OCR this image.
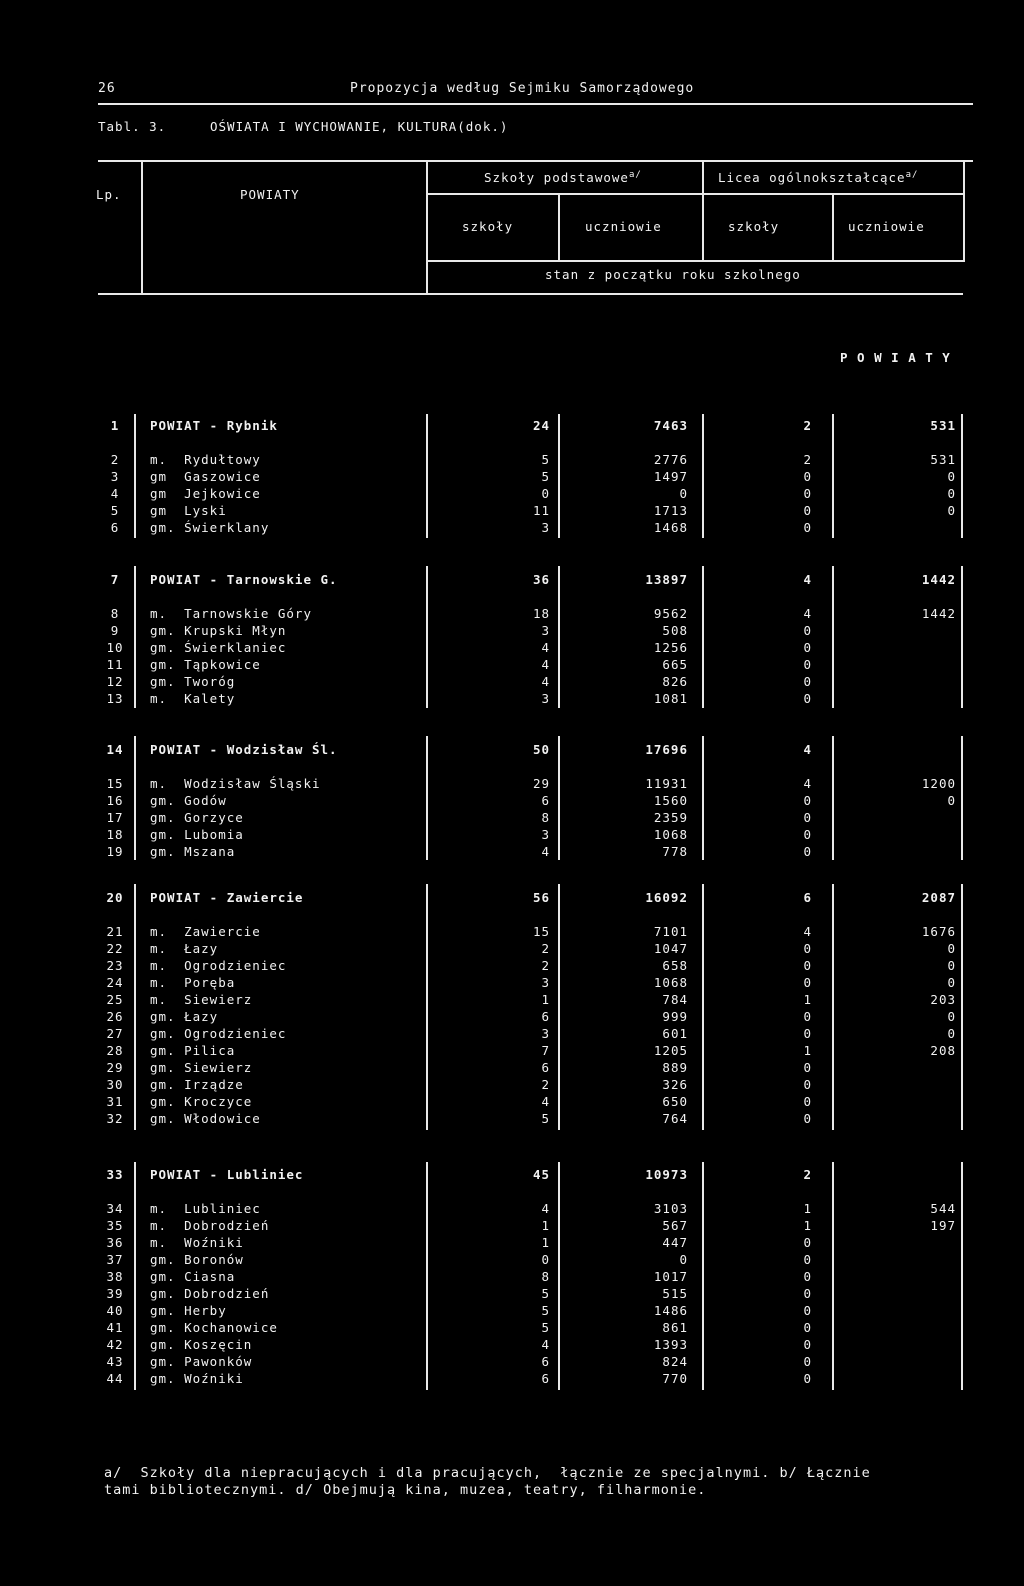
26	Propozycja według Sejmiku Samorządowego
Tabl. 3.	OŚWIATA I WYCHOWANIE, KULTURA(dok.)
Lp.	POWIATY
Szkoły podstawowe$^{a/}$	Licea ogólnokształcące$^{a/}$
szkoły	uczniowie	szkoły	uczniowie
stan z początku roku szkolnego
P O W I A T Y
1	POWIAT - Rybnik	24	7463	2	531
2	m.  Rydułtowy	5	2776	2	531
3	gm  Gaszowice	5	1497	0	0
4	gm  Jejkowice	0	0	0	0
5	gm  Lyski	11	1713	0	0
6	gm. Świerklany	3	1468	0
7	POWIAT - Tarnowskie G.	36	13897	4	1442
8	m.  Tarnowskie Góry	18	9562	4	1442
9	gm. Krupski Młyn	3	508	0
10	gm. Świerklaniec	4	1256	0
11	gm. Tąpkowice	4	665	0
12	gm. Tworóg	4	826	0
13	m.  Kalety	3	1081	0
14	POWIAT - Wodzisław Śl.	50	17696	4
15	m.  Wodzisław Śląski	29	11931	4	1200
16	gm. Godów	6	1560	0	0
17	gm. Gorzyce	8	2359	0
18	gm. Lubomia	3	1068	0
19	gm. Mszana	4	778	0
20	POWIAT - Zawiercie	56	16092	6	2087
21	m.  Zawiercie	15	7101	4	1676
22	m.  Łazy	2	1047	0	0
23	m.  Ogrodzieniec	2	658	0	0
24	m.  Poręba	3	1068	0	0
25	m.  Siewierz	1	784	1	203
26	gm. Łazy	6	999	0	0
27	gm. Ogrodzieniec	3	601	0	0
28	gm. Pilica	7	1205	1	208
29	gm. Siewierz	6	889	0
30	gm. Irządze	2	326	0
31	gm. Kroczyce	4	650	0
32	gm. Włodowice	5	764	0
33	POWIAT - Lubliniec	45	10973	2
34	m.  Lubliniec	4	3103	1	544
35	m.  Dobrodzień	1	567	1	197
36	m.  Woźniki	1	447	0
37	gm. Boronów	0	0	0
38	gm. Ciasna	8	1017	0
39	gm. Dobrodzień	5	515	0
40	gm. Herby	5	1486	0
41	gm. Kochanowice	5	861	0
42	gm. Koszęcin	4	1393	0
43	gm. Pawonków	6	824	0
44	gm. Woźniki	6	770	0
a/  Szkoły dla niepracujących i dla pracujących,  łącznie ze specjalnymi. b/ Łącznie
tami bibliotecznymi. d/ Obejmują kina, muzea, teatry, filharmonie.
